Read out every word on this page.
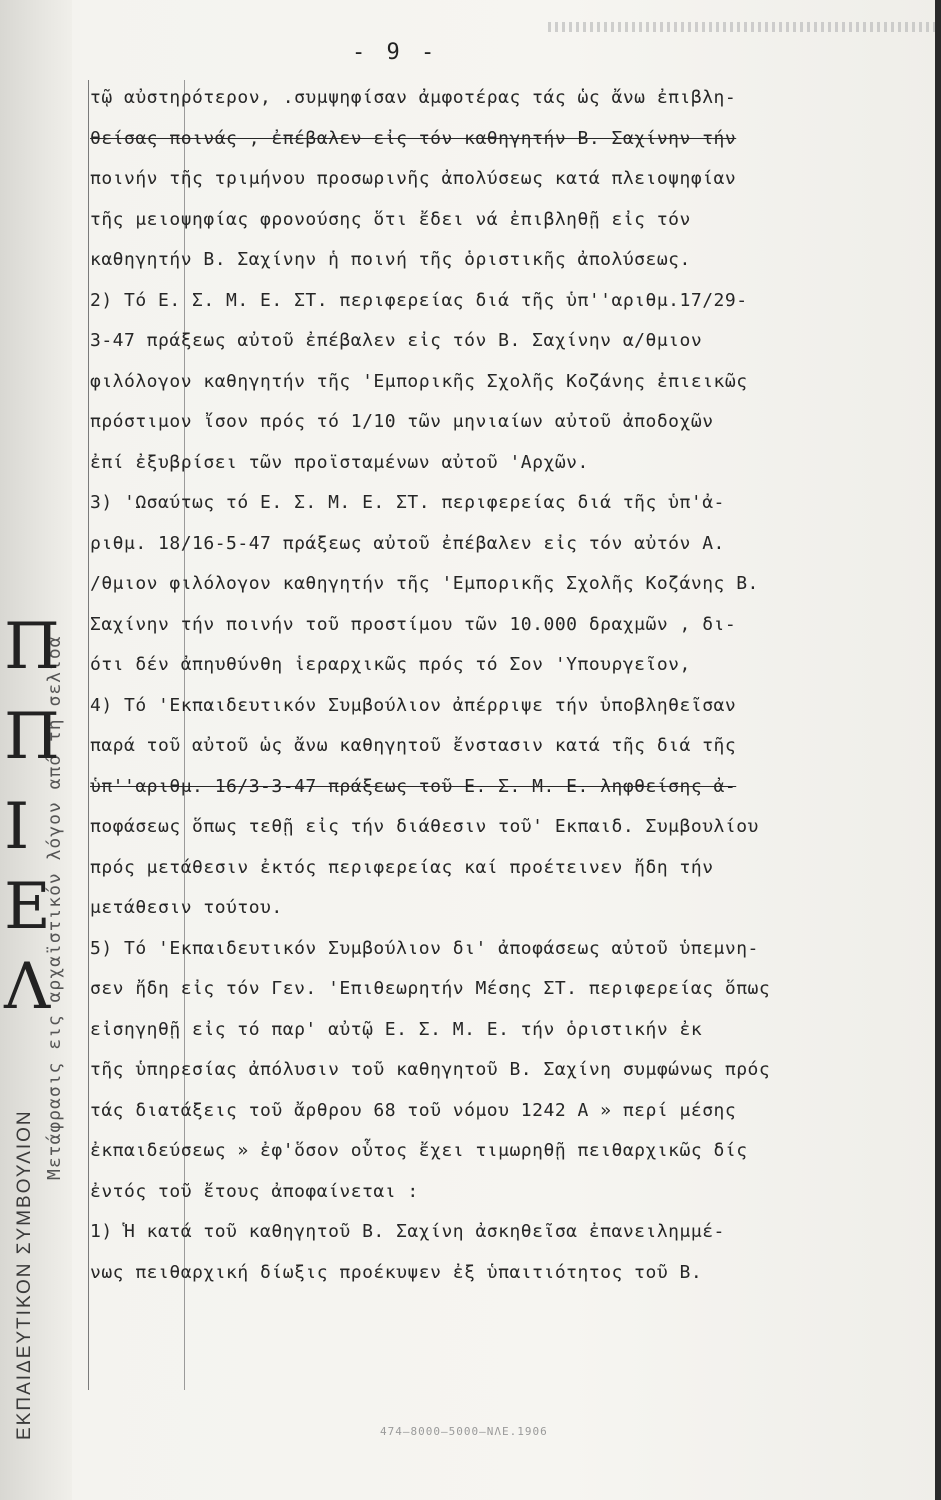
- 9 -
ΕΚΠΑΙΔΕΥΤΙΚΟΝ ΣΥΜΒΟΥΛΙΟΝ
Μετάφρασις εις αρχαϊστικόν λόγον από τη σελίδα
Π
Π
Ι
Ε
Λ
τῷ αὐστηρότερον, .συμψηφίσαν ἀμφοτέρας τάς ὡς ἄνω ἐπιβλη-
θείσας ποινάς , ἐπέβαλεν εἰς τόν καθηγητήν Β. Σαχίνην τήν
ποινήν τῆς τριμήνου προσωρινῆς ἀπολύσεως κατά πλειοψηφίαν
τῆς μειοψηφίας φρονούσης ὅτι ἔδει νά ἐπιβληθῇ εἰς τόν
καθηγητήν Β. Σαχίνην ἡ ποινή τῆς ὁριστικῆς ἀπολύσεως.
2) Τό Ε. Σ. Μ. Ε. ΣΤ. περιφερείας διά τῆς ὑπ''αριθμ.17/29-
3-47 πράξεως αὐτοῦ ἐπέβαλεν εἰς τόν Β. Σαχίνην α/θμιον
φιλόλογον καθηγητήν τῆς 'Εμπορικῆς Σχολῆς Κοζάνης ἐπιεικῶς
πρόστιμον ἴσον πρός τό 1/10 τῶν μηνιαίων αὐτοῦ ἀποδοχῶν
ἐπί ἐξυβρίσει τῶν προϊσταμένων αὐτοῦ 'Αρχῶν.
3) 'Ωσαύτως τό Ε. Σ. Μ. Ε. ΣΤ. περιφερείας διά τῆς ὑπ'ἀ-
ριθμ. 18/16-5-47 πράξεως αὐτοῦ ἐπέβαλεν εἰς τόν αὐτόν Α.
/θμιον φιλόλογον καθηγητήν τῆς 'Εμπορικῆς Σχολῆς Κοζάνης Β.
Σαχίνην τήν ποινήν τοῦ προστίμου τῶν 10.000 δραχμῶν , δι-
ότι δέν ἀπηυθύνθη ἱεραρχικῶς πρός τό Σον 'Υπουργεῖον,
4) Τό 'Εκπαιδευτικόν Συμβούλιον ἀπέρριψε τήν ὑποβληθεῖσαν
παρά τοῦ αὐτοῦ ὡς ἄνω καθηγητοῦ ἔνστασιν κατά τῆς διά τῆς
ὑπ''αριθμ. 16/3-3-47 πράξεως τοῦ Ε. Σ. Μ. Ε. ληφθείσης ἀ-
ποφάσεως ὅπως τεθῇ εἰς τήν διάθεσιν τοῦ' Εκπαιδ. Συμβουλίου
πρός μετάθεσιν ἐκτός περιφερείας καί προέτεινεν ἤδη τήν
μετάθεσιν τούτου.
5) Τό 'Εκπαιδευτικόν Συμβούλιον δι' ἀποφάσεως αὐτοῦ ὑπεμνη-
σεν ἤδη εἰς τόν Γεν. 'Επιθεωρητήν Μέσης ΣΤ. περιφερείας ὅπως
εἰσηγηθῇ εἰς τό παρ' αὐτῷ Ε. Σ. Μ. Ε. τήν ὁριστικήν ἐκ
τῆς ὑπηρεσίας ἀπόλυσιν τοῦ καθηγητοῦ Β. Σαχίνη συμφώνως πρός
τάς διατάξεις τοῦ ἄρθρου 68 τοῦ νόμου 1242 Α » περί μέσης
ἐκπαιδεύσεως » ἐφ'ὅσον οὗτος ἔχει τιμωρηθῇ πειθαρχικῶς δίς
ἐντός τοῦ ἔτους ἀποφαίνεται :
1) Ἡ κατά τοῦ καθηγητοῦ Β. Σαχίνη ἀσκηθεῖσα ἐπανειλημμέ-
νως πειθαρχική δίωξις προέκυψεν ἐξ ὑπαιτιότητος τοῦ Β.
474—8000—5000—ΝΛΕ.1906
